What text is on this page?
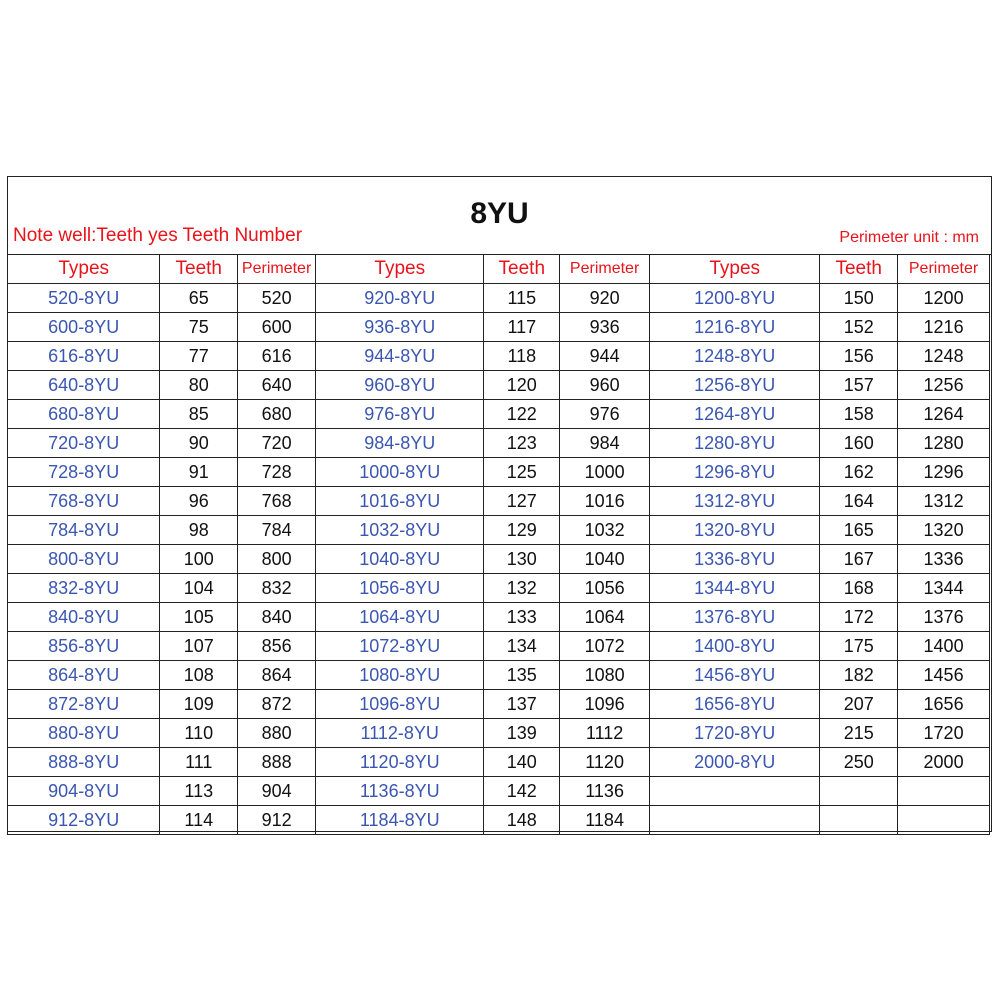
8YU
Note well:Teeth yes Teeth Number	Perimeter unit : mm
Types	Teeth	Perimeter	Types	Teeth	Perimeter	Types	Teeth	Perimeter
520-8YU	65	520	920-8YU	115	920	1200-8YU	150	1200
600-8YU	75	600	936-8YU	117	936	1216-8YU	152	1216
616-8YU	77	616	944-8YU	118	944	1248-8YU	156	1248
640-8YU	80	640	960-8YU	120	960	1256-8YU	157	1256
680-8YU	85	680	976-8YU	122	976	1264-8YU	158	1264
720-8YU	90	720	984-8YU	123	984	1280-8YU	160	1280
728-8YU	91	728	1000-8YU	125	1000	1296-8YU	162	1296
768-8YU	96	768	1016-8YU	127	1016	1312-8YU	164	1312
784-8YU	98	784	1032-8YU	129	1032	1320-8YU	165	1320
800-8YU	100	800	1040-8YU	130	1040	1336-8YU	167	1336
832-8YU	104	832	1056-8YU	132	1056	1344-8YU	168	1344
840-8YU	105	840	1064-8YU	133	1064	1376-8YU	172	1376
856-8YU	107	856	1072-8YU	134	1072	1400-8YU	175	1400
864-8YU	108	864	1080-8YU	135	1080	1456-8YU	182	1456
872-8YU	109	872	1096-8YU	137	1096	1656-8YU	207	1656
880-8YU	110	880	1112-8YU	139	1112	1720-8YU	215	1720
888-8YU	111	888	1120-8YU	140	1120	2000-8YU	250	2000
904-8YU	113	904	1136-8YU	142	1136			
912-8YU	114	912	1184-8YU	148	1184			
